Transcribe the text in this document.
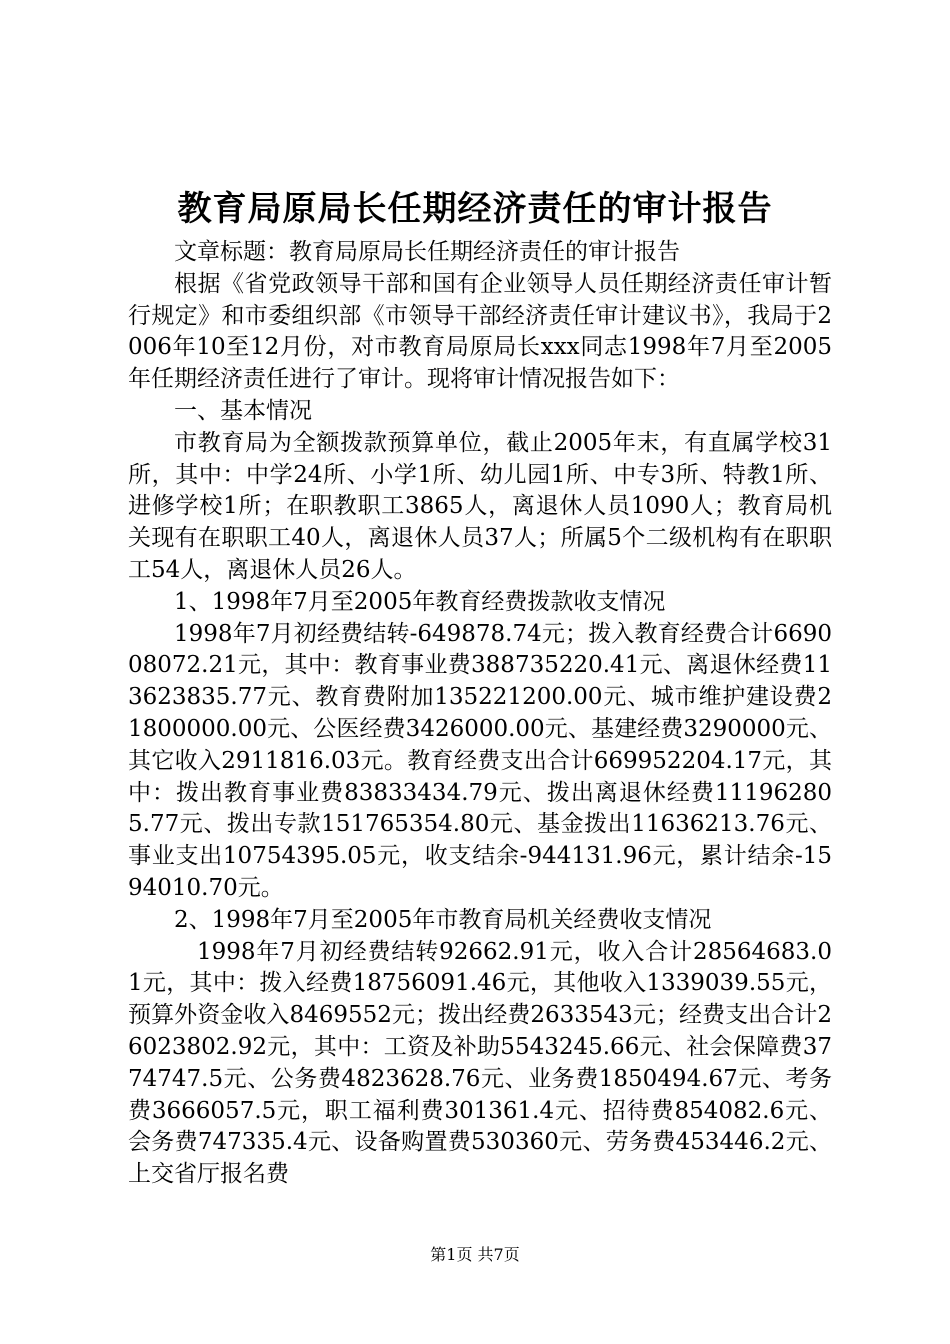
教育局原局长任期经济责任的审计报告

文章标题：教育局原局长任期经济责任的审计报告

根据《省党政领导干部和国有企业领导人员任期经济责任审计暂行规定》和市委组织部《市领导干部经济责任审计建议书》，我局于2006年10至12月份，对市教育局原局长xxx同志1998年7月至2005年任期经济责任进行了审计。现将审计情况报告如下：

一、基本情况

市教育局为全额拨款预算单位，截止2005年末，有直属学校31所，其中：中学24所、小学1所、幼儿园1所、中专3所、特教1所、进修学校1所；在职教职工3865人，离退休人员1090人；教育局机关现有在职职工40人，离退休人员37人；所属5个二级机构有在职职工54人，离退休人员26人。

1、1998年7月至2005年教育经费拨款收支情况

1998年7月初经费结转-649878.74元；拨入教育经费合计669008072.21元，其中：教育事业费388735220.41元、离退休经费113623835.77元、教育费附加135221200.00元、城市维护建设费21800000.00元、公医经费3426000.00元、基建经费3290000元、其它收入2911816.03元。教育经费支出合计669952204.17元，其中：拨出教育事业费83833434.79元、拨出离退休经费111962805.77元、拨出专款151765354.80元、基金拨出11636213.76元、事业支出10754395.05元，收支结余-944131.96元，累计结余-1594010.70元。

2、1998年7月至2005年市教育局机关经费收支情况

1998年7月初经费结转92662.91元，收入合计28564683.01元，其中：拨入经费18756091.46元，其他收入1339039.55元，预算外资金收入8469552元；拨出经费2633543元；经费支出合计26023802.92元，其中：工资及补助5543245.66元、社会保障费3774747.5元、公务费4823628.76元、业务费1850494.67元、考务费3666057.5元，职工福利费301361.4元、招待费854082.6元、会务费747335.4元、设备购置费530360元、劳务费453446.2元、上交省厅报名费

第1页 共7页
